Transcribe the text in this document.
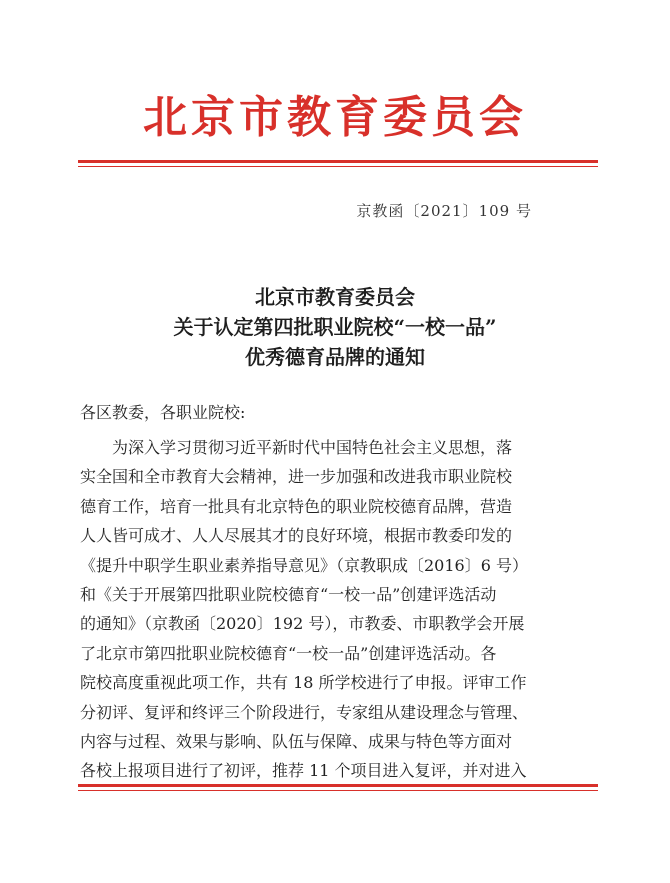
北京市教育委员会
京教函〔2021〕109 号
北京市教育委员会
关于认定第四批职业院校“一校一品”
优秀德育品牌的通知
各区教委，各职业院校:
为深入学习贯彻习近平新时代中国特色社会主义思想，落
实全国和全市教育大会精神，进一步加强和改进我市职业院校
德育工作，培育一批具有北京特色的职业院校德育品牌，营造
人人皆可成才、人人尽展其才的良好环境，根据市教委印发的
《提升中职学生职业素养指导意见》（京教职成〔2016〕6 号）
和《关于开展第四批职业院校德育“一校一品”创建评选活动
的通知》（京教函〔2020〕192 号），市教委、市职教学会开展
了北京市第四批职业院校德育“一校一品”创建评选活动。各
院校高度重视此项工作，共有 18 所学校进行了申报。评审工作
分初评、复评和终评三个阶段进行，专家组从建设理念与管理、
内容与过程、效果与影响、队伍与保障、成果与特色等方面对
各校上报项目进行了初评，推荐 11 个项目进入复评，并对进入
